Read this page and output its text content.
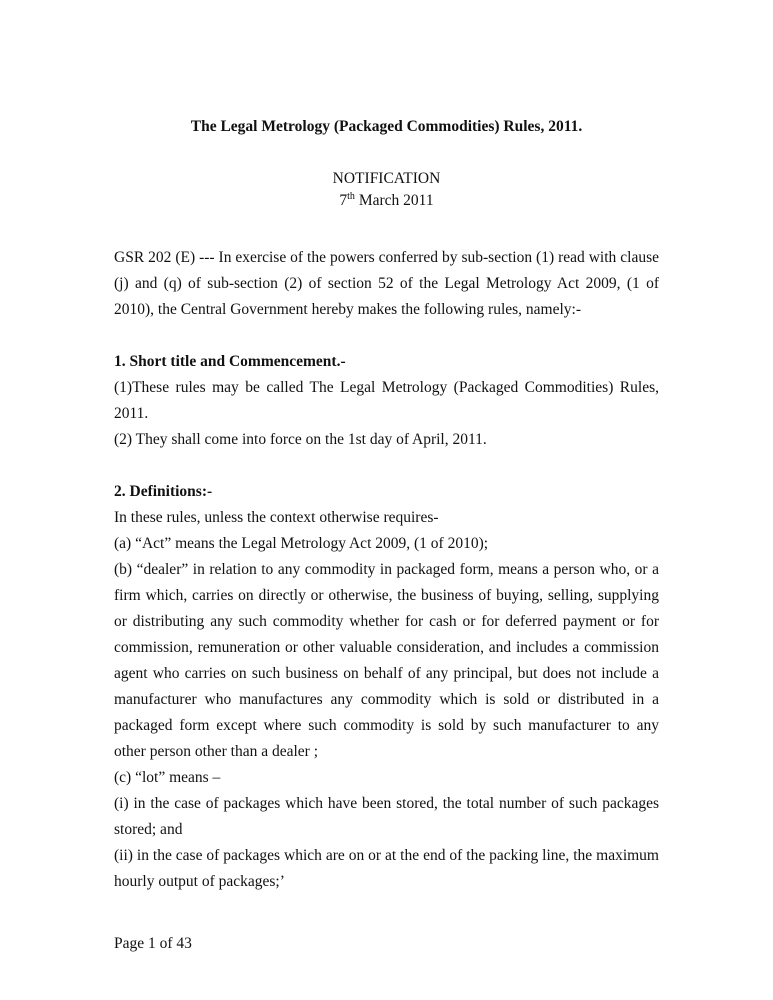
The Legal Metrology (Packaged Commodities) Rules, 2011.
NOTIFICATION
7th March 2011

GSR 202 (E) --- In exercise of the powers conferred by sub-section (1) read with clause (j) and (q) of sub-section (2) of section 52 of the Legal Metrology Act 2009, (1 of 2010), the Central Government hereby makes the following rules, namely:-

1. Short title and Commencement.-

(1)These rules may be called The Legal Metrology (Packaged Commodities) Rules, 2011.

(2) They shall come into force on the 1st day of April, 2011.

2. Definitions:-

In these rules, unless the context otherwise requires-

(a) “Act” means the Legal Metrology Act 2009, (1 of 2010);

(b) “dealer” in relation to any commodity in packaged form, means a person who, or a firm which, carries on directly or otherwise, the business of buying, selling, supplying or distributing any such commodity whether for cash or for deferred payment or for commission, remuneration or other valuable consideration, and includes a commission agent who carries on such business on behalf of any principal, but does not include a manufacturer who manufactures any commodity which is sold or distributed in a packaged form except where such commodity is sold by such manufacturer to any other person other than a dealer ;

(c) “lot” means –

(i) in the case of packages which have been stored, the total number of such packages stored; and

(ii) in the case of packages which are on or at the end of the packing line, the maximum hourly output of packages;’

Page 1 of 43
